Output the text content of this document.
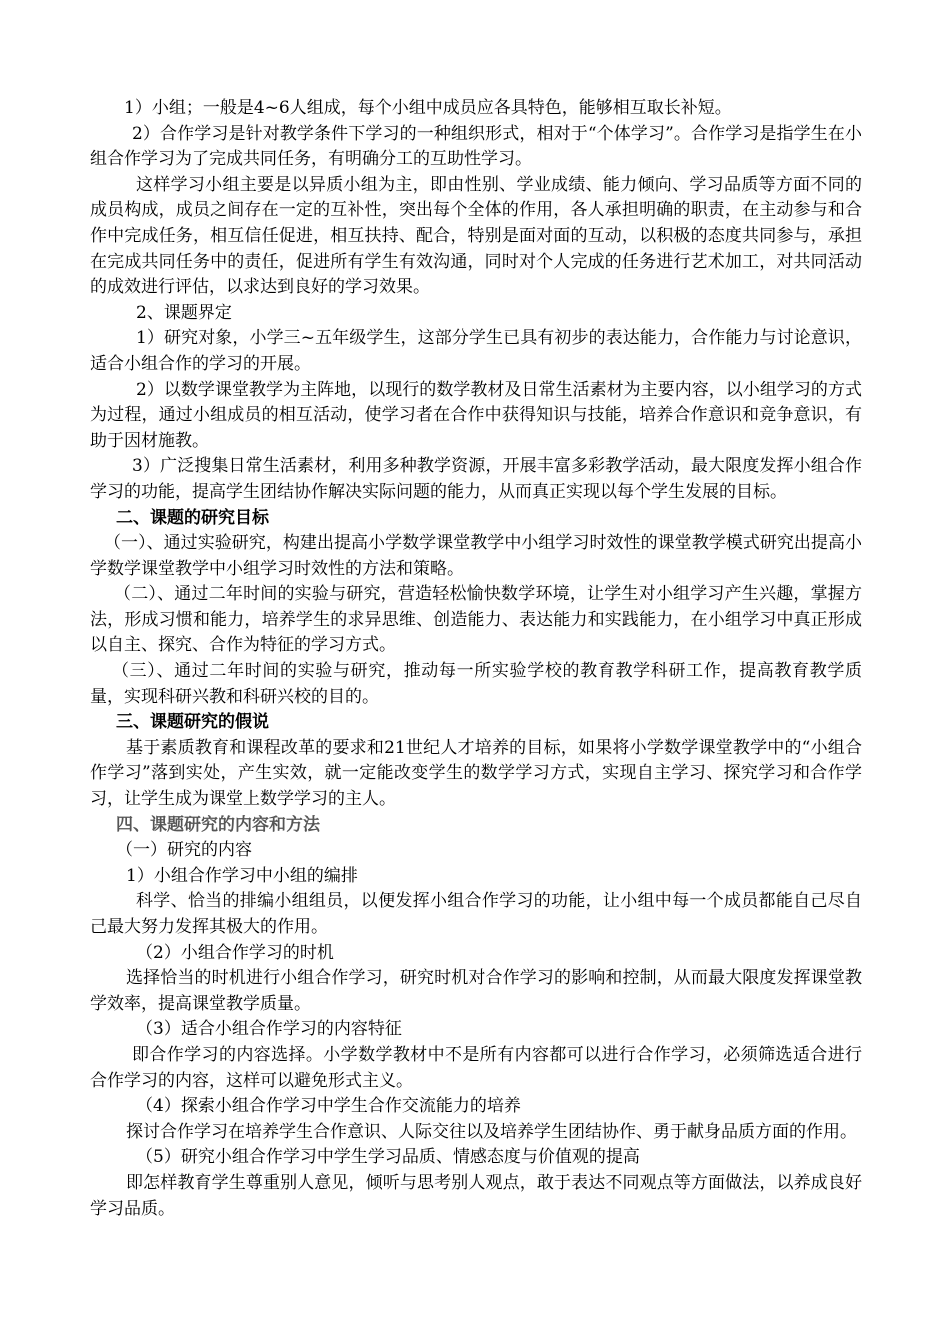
1）小组；一般是4~6人组成，每个小组中成员应各具特色，能够相互取长补短。

2）合作学习是针对教学条件下学习的一种组织形式，相对于“个体学习”。合作学习是指学生在小组合作学习为了完成共同任务，有明确分工的互助性学习。

这样学习小组主要是以异质小组为主，即由性别、学业成绩、能力倾向、学习品质等方面不同的成员构成，成员之间存在一定的互补性，突出每个全体的作用，各人承担明确的职责，在主动参与和合作中完成任务，相互信任促进，相互扶持、配合，特别是面对面的互动，以积极的态度共同参与，承担在完成共同任务中的责任，促进所有学生有效沟通，同时对个人完成的任务进行艺术加工，对共同活动的成效进行评估，以求达到良好的学习效果。

2、课题界定

1）研究对象，小学三~五年级学生，这部分学生已具有初步的表达能力，合作能力与讨论意识，适合小组合作的学习的开展。

2）以数学课堂教学为主阵地，以现行的数学教材及日常生活素材为主要内容，以小组学习的方式为过程，通过小组成员的相互活动，使学习者在合作中获得知识与技能，培养合作意识和竞争意识，有助于因材施教。

3）广泛搜集日常生活素材，利用多种教学资源，开展丰富多彩教学活动，最大限度发挥小组合作学习的功能，提高学生团结协作解决实际问题的能力，从而真正实现以每个学生发展的目标。

二、课题的研究目标

（一）、通过实验研究，构建出提高小学数学课堂教学中小组学习时效性的课堂教学模式研究出提高小学数学课堂教学中小组学习时效性的方法和策略。

（二）、通过二年时间的实验与研究，营造轻松愉快数学环境，让学生对小组学习产生兴趣，掌握方法，形成习惯和能力，培养学生的求异思维、创造能力、表达能力和实践能力，在小组学习中真正形成以自主、探究、合作为特征的学习方式。

（三）、通过二年时间的实验与研究，推动每一所实验学校的教育教学科研工作，提高教育教学质量，实现科研兴教和科研兴校的目的。

三、课题研究的假说

基于素质教育和课程改革的要求和21世纪人才培养的目标，如果将小学数学课堂教学中的“小组合作学习”落到实处，产生实效，就一定能改变学生的数学学习方式，实现自主学习、探究学习和合作学习，让学生成为课堂上数学学习的主人。

四、课题研究的内容和方法

（一）研究的内容

1）小组合作学习中小组的编排

科学、恰当的排编小组组员，以便发挥小组合作学习的功能，让小组中每一个成员都能自己尽自己最大努力发挥其极大的作用。

（2）小组合作学习的时机

选择恰当的时机进行小组合作学习，研究时机对合作学习的影响和控制，从而最大限度发挥课堂教学效率，提高课堂教学质量。

（3）适合小组合作学习的内容特征

即合作学习的内容选择。小学数学教材中不是所有内容都可以进行合作学习，必须筛选适合进行合作学习的内容，这样可以避免形式主义。

（4）探索小组合作学习中学生合作交流能力的培养

探讨合作学习在培养学生合作意识、人际交往以及培养学生团结协作、勇于献身品质方面的作用。

（5）研究小组合作学习中学生学习品质、情感态度与价值观的提高

即怎样教育学生尊重别人意见，倾听与思考别人观点，敢于表达不同观点等方面做法，以养成良好学习品质。
